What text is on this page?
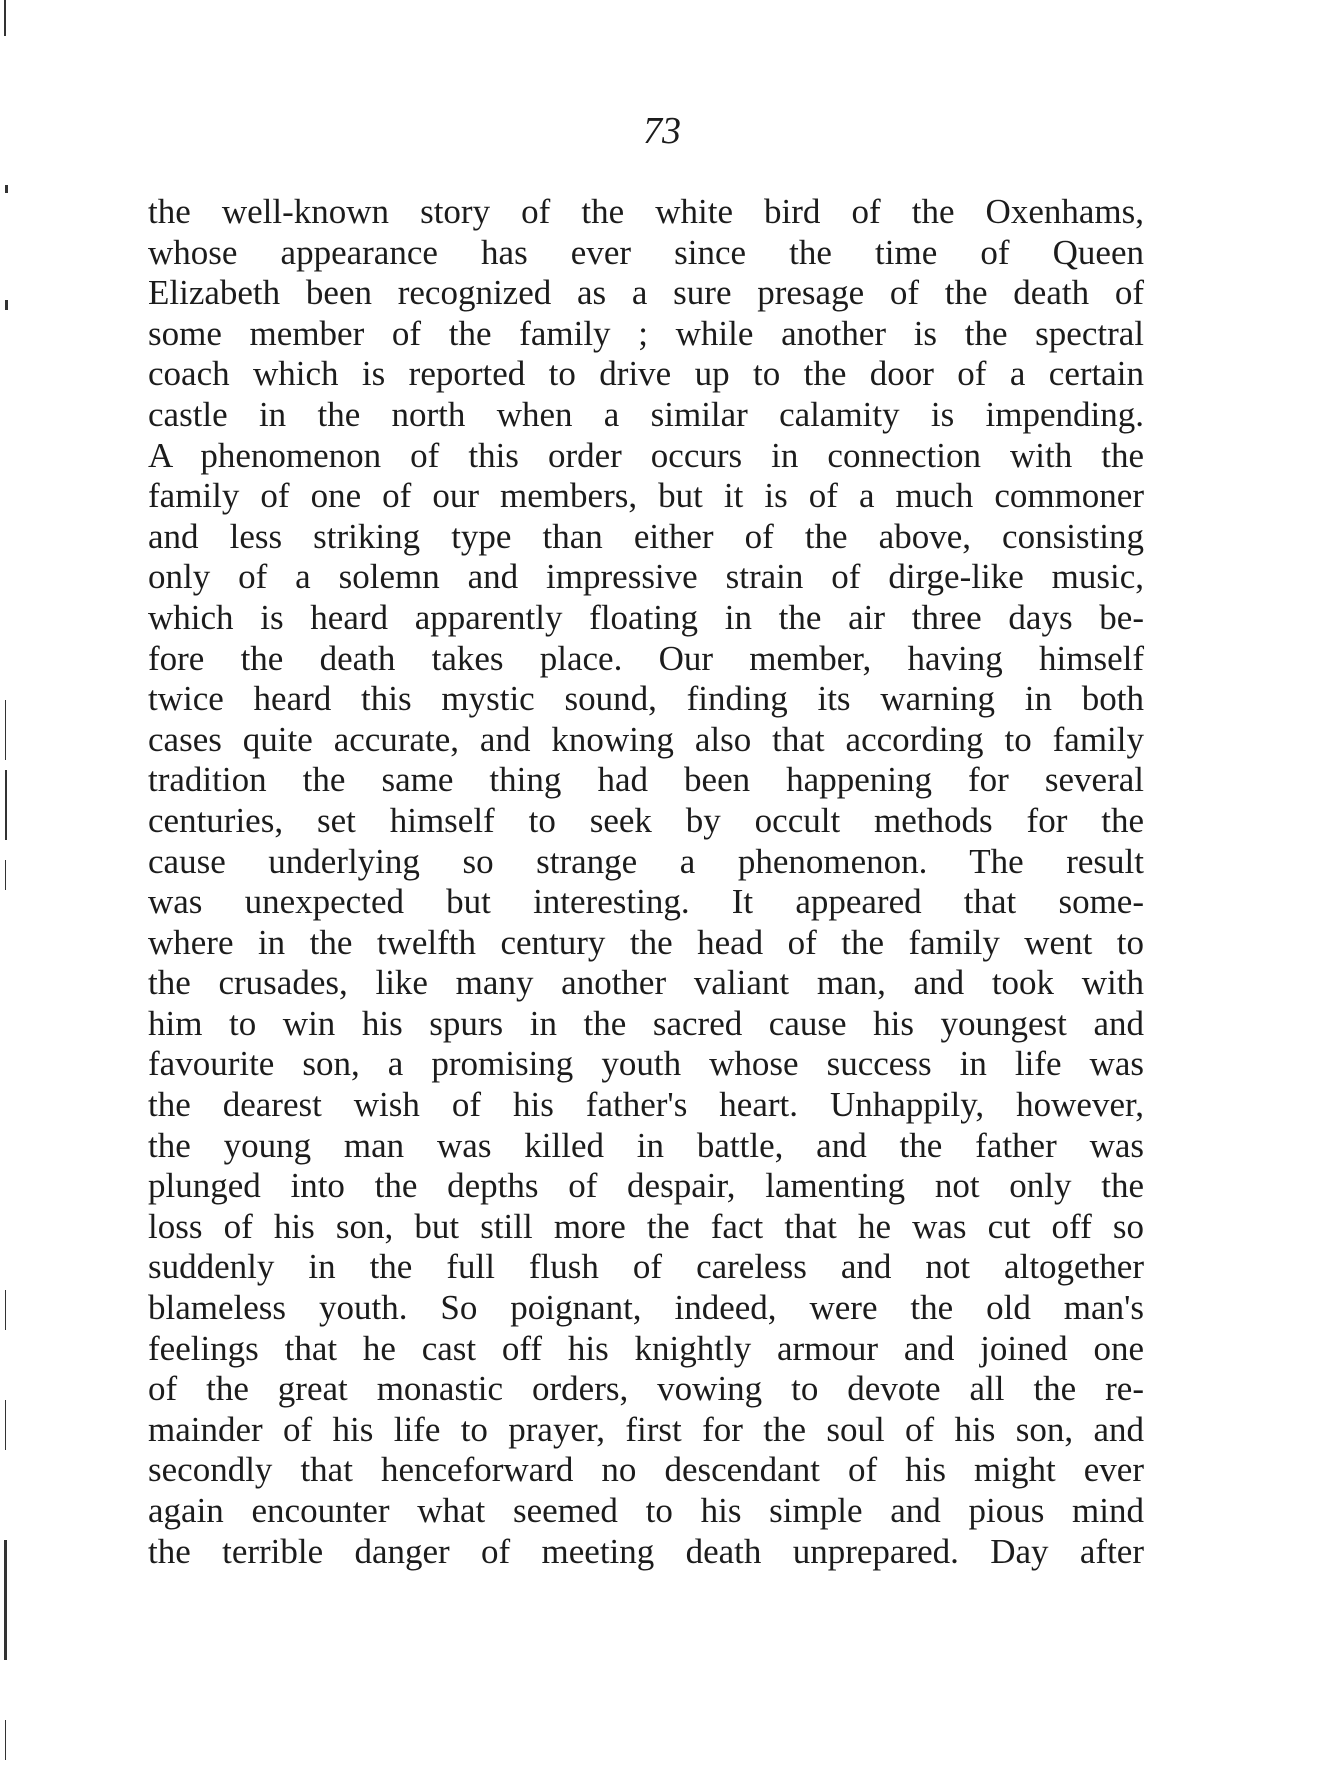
73
the well-known story of the white bird of the Oxenhams,
whose appearance has ever since the time of Queen
Elizabeth been recognized as a sure presage of the death of
some member of the family ; while another is the spectral
coach which is reported to drive up to the door of a certain
castle in the north when a similar calamity is impending.
A phenomenon of this order occurs in connection with the
family of one of our members, but it is of a much commoner
and less striking type than either of the above, consisting
only of a solemn and impressive strain of dirge-like music,
which is heard apparently floating in the air three days be-
fore the death takes place. Our member, having himself
twice heard this mystic sound, finding its warning in both
cases quite accurate, and knowing also that according to family
tradition the same thing had been happening for several
centuries, set himself to seek by occult methods for the
cause underlying so strange a phenomenon. The result
was unexpected but interesting. It appeared that some-
where in the twelfth century the head of the family went to
the crusades, like many another valiant man, and took with
him to win his spurs in the sacred cause his youngest and
favourite son, a promising youth whose success in life was
the dearest wish of his father's heart. Unhappily, however,
the young man was killed in battle, and the father was
plunged into the depths of despair, lamenting not only the
loss of his son, but still more the fact that he was cut off so
suddenly in the full flush of careless and not altogether
blameless youth. So poignant, indeed, were the old man's
feelings that he cast off his knightly armour and joined one
of the great monastic orders, vowing to devote all the re-
mainder of his life to prayer, first for the soul of his son, and
secondly that henceforward no descendant of his might ever
again encounter what seemed to his simple and pious mind
the terrible danger of meeting death unprepared. Day after
